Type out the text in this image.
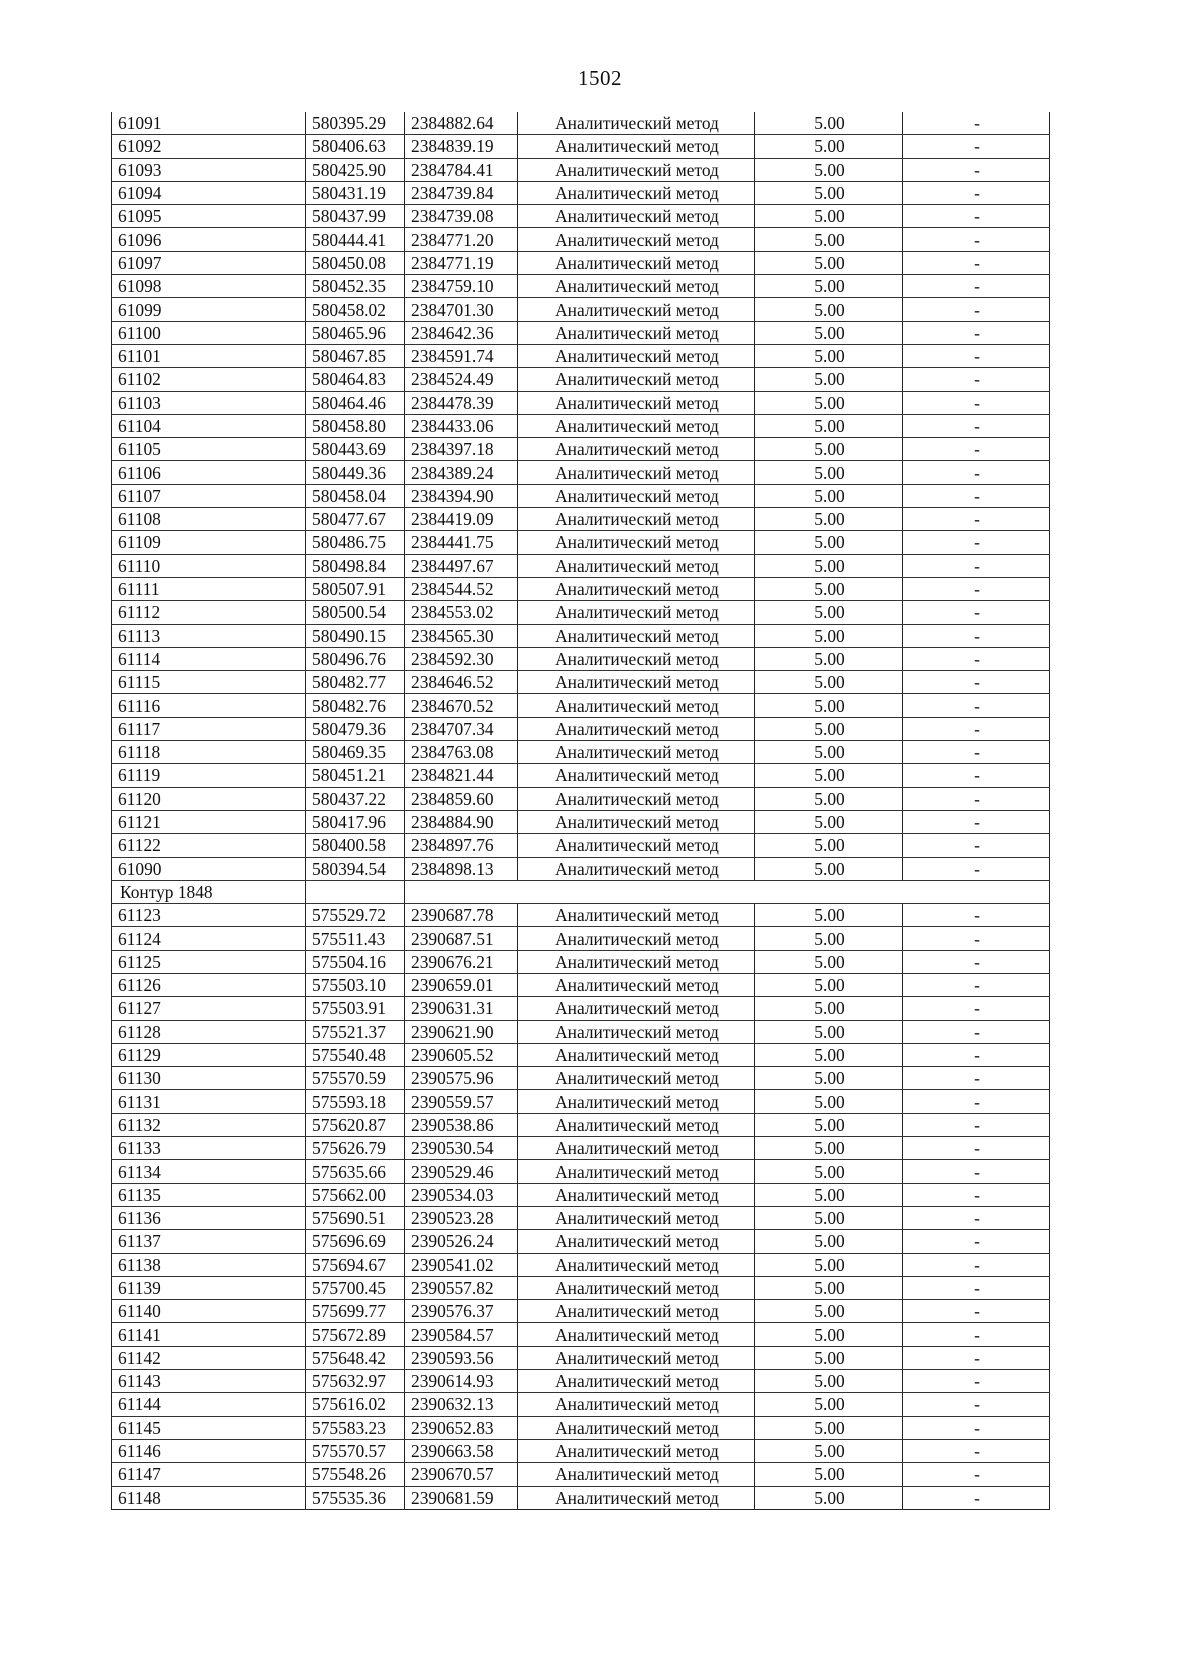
1502
61091	580395.29	2384882.64	Аналитический метод	5.00	-
61092	580406.63	2384839.19	Аналитический метод	5.00	-
61093	580425.90	2384784.41	Аналитический метод	5.00	-
61094	580431.19	2384739.84	Аналитический метод	5.00	-
61095	580437.99	2384739.08	Аналитический метод	5.00	-
61096	580444.41	2384771.20	Аналитический метод	5.00	-
61097	580450.08	2384771.19	Аналитический метод	5.00	-
61098	580452.35	2384759.10	Аналитический метод	5.00	-
61099	580458.02	2384701.30	Аналитический метод	5.00	-
61100	580465.96	2384642.36	Аналитический метод	5.00	-
61101	580467.85	2384591.74	Аналитический метод	5.00	-
61102	580464.83	2384524.49	Аналитический метод	5.00	-
61103	580464.46	2384478.39	Аналитический метод	5.00	-
61104	580458.80	2384433.06	Аналитический метод	5.00	-
61105	580443.69	2384397.18	Аналитический метод	5.00	-
61106	580449.36	2384389.24	Аналитический метод	5.00	-
61107	580458.04	2384394.90	Аналитический метод	5.00	-
61108	580477.67	2384419.09	Аналитический метод	5.00	-
61109	580486.75	2384441.75	Аналитический метод	5.00	-
61110	580498.84	2384497.67	Аналитический метод	5.00	-
61111	580507.91	2384544.52	Аналитический метод	5.00	-
61112	580500.54	2384553.02	Аналитический метод	5.00	-
61113	580490.15	2384565.30	Аналитический метод	5.00	-
61114	580496.76	2384592.30	Аналитический метод	5.00	-
61115	580482.77	2384646.52	Аналитический метод	5.00	-
61116	580482.76	2384670.52	Аналитический метод	5.00	-
61117	580479.36	2384707.34	Аналитический метод	5.00	-
61118	580469.35	2384763.08	Аналитический метод	5.00	-
61119	580451.21	2384821.44	Аналитический метод	5.00	-
61120	580437.22	2384859.60	Аналитический метод	5.00	-
61121	580417.96	2384884.90	Аналитический метод	5.00	-
61122	580400.58	2384897.76	Аналитический метод	5.00	-
61090	580394.54	2384898.13	Аналитический метод	5.00	-
Контур 1848					
61123	575529.72	2390687.78	Аналитический метод	5.00	-
61124	575511.43	2390687.51	Аналитический метод	5.00	-
61125	575504.16	2390676.21	Аналитический метод	5.00	-
61126	575503.10	2390659.01	Аналитический метод	5.00	-
61127	575503.91	2390631.31	Аналитический метод	5.00	-
61128	575521.37	2390621.90	Аналитический метод	5.00	-
61129	575540.48	2390605.52	Аналитический метод	5.00	-
61130	575570.59	2390575.96	Аналитический метод	5.00	-
61131	575593.18	2390559.57	Аналитический метод	5.00	-
61132	575620.87	2390538.86	Аналитический метод	5.00	-
61133	575626.79	2390530.54	Аналитический метод	5.00	-
61134	575635.66	2390529.46	Аналитический метод	5.00	-
61135	575662.00	2390534.03	Аналитический метод	5.00	-
61136	575690.51	2390523.28	Аналитический метод	5.00	-
61137	575696.69	2390526.24	Аналитический метод	5.00	-
61138	575694.67	2390541.02	Аналитический метод	5.00	-
61139	575700.45	2390557.82	Аналитический метод	5.00	-
61140	575699.77	2390576.37	Аналитический метод	5.00	-
61141	575672.89	2390584.57	Аналитический метод	5.00	-
61142	575648.42	2390593.56	Аналитический метод	5.00	-
61143	575632.97	2390614.93	Аналитический метод	5.00	-
61144	575616.02	2390632.13	Аналитический метод	5.00	-
61145	575583.23	2390652.83	Аналитический метод	5.00	-
61146	575570.57	2390663.58	Аналитический метод	5.00	-
61147	575548.26	2390670.57	Аналитический метод	5.00	-
61148	575535.36	2390681.59	Аналитический метод	5.00	-
